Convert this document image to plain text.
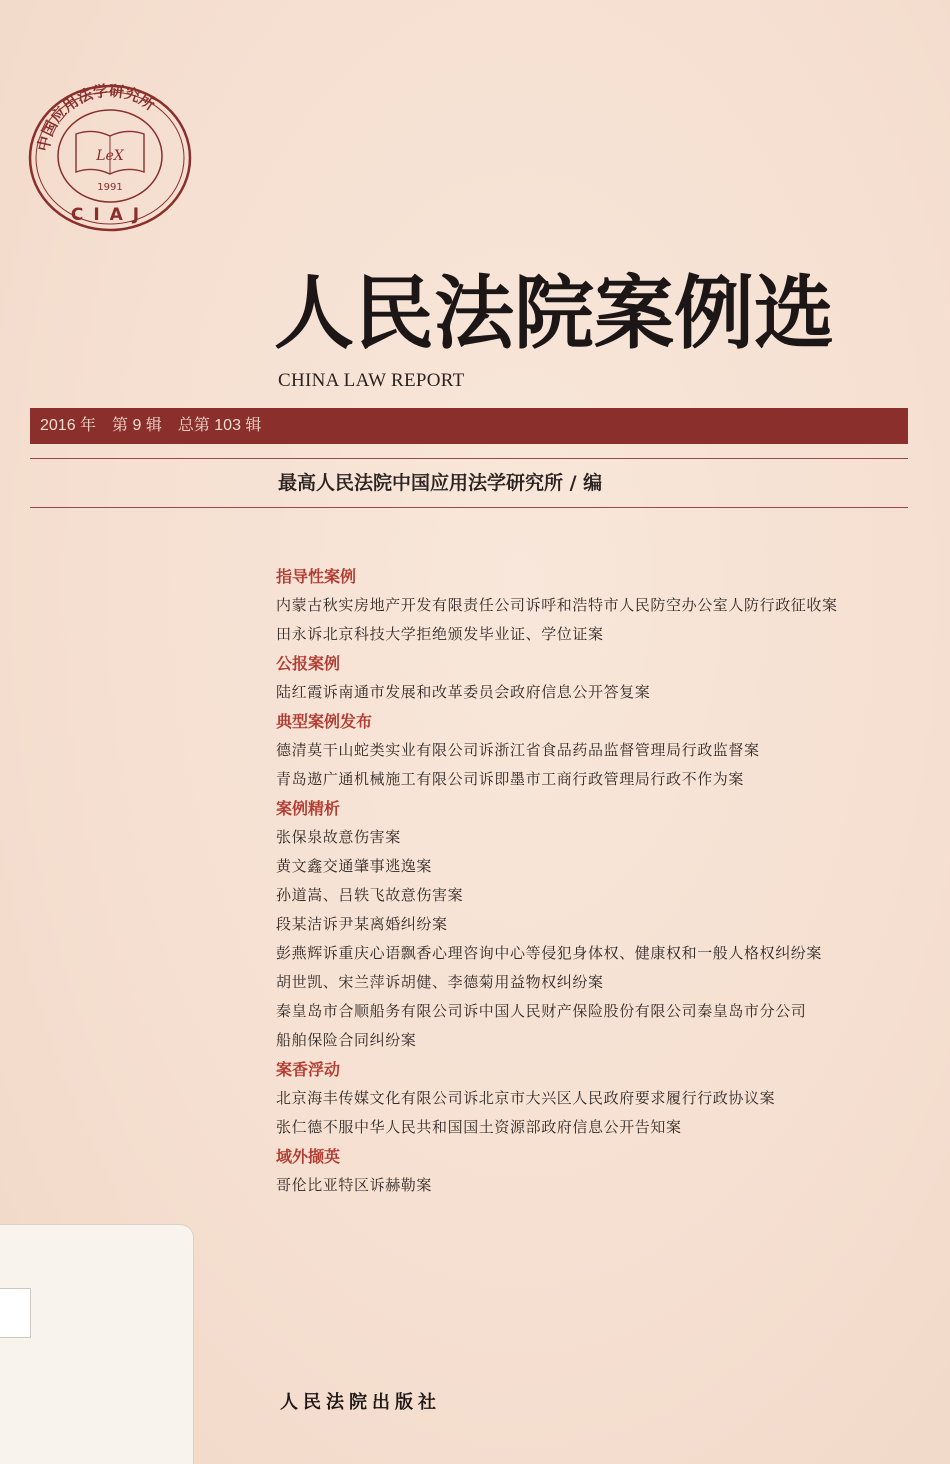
中国应用法学研究所
LeX
1991
CIAJ
人民法院案例选
CHINA LAW REPORT
2016 年　第 9 辑　总第 103 辑
最高人民法院中国应用法学研究所 / 编
指导性案例
内蒙古秋实房地产开发有限责任公司诉呼和浩特市人民防空办公室人防行政征收案
田永诉北京科技大学拒绝颁发毕业证、学位证案
公报案例
陆红霞诉南通市发展和改革委员会政府信息公开答复案
典型案例发布
德清莫干山蛇类实业有限公司诉浙江省食品药品监督管理局行政监督案
青岛遨广通机械施工有限公司诉即墨市工商行政管理局行政不作为案
案例精析
张保泉故意伤害案
黄文鑫交通肇事逃逸案
孙道嵩、吕轶飞故意伤害案
段某洁诉尹某离婚纠纷案
彭燕辉诉重庆心语飘香心理咨询中心等侵犯身体权、健康权和一般人格权纠纷案
胡世凯、宋兰萍诉胡健、李德菊用益物权纠纷案
秦皇岛市合顺船务有限公司诉中国人民财产保险股份有限公司秦皇岛市分公司
船舶保险合同纠纷案
案香浮动
北京海丰传媒文化有限公司诉北京市大兴区人民政府要求履行行政协议案
张仁德不服中华人民共和国国土资源部政府信息公开告知案
域外撷英
哥伦比亚特区诉赫勒案
人民法院出版社
